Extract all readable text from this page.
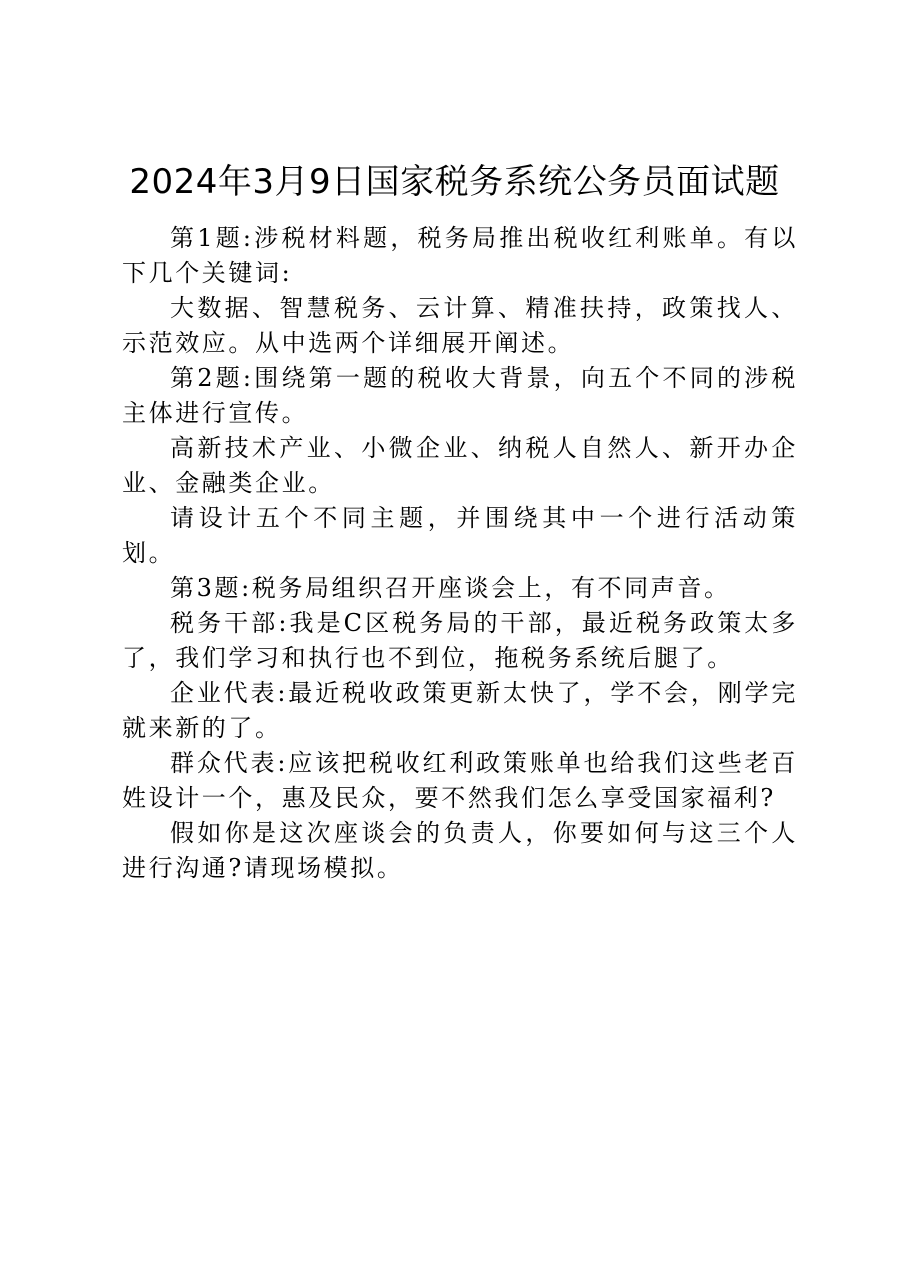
2024年3月9日国家税务系统公务员面试题

第1题:涉税材料题，税务局推出税收红利账单。有以下几个关键词:

大数据、智慧税务、云计算、精准扶持，政策找人、示范效应。从中选两个详细展开阐述。

第2题:围绕第一题的税收大背景，向五个不同的涉税主体进行宣传。

高新技术产业、小微企业、纳税人自然人、新开办企业、金融类企业。

请设计五个不同主题，并围绕其中一个进行活动策划。

第3题:税务局组织召开座谈会上，有不同声音。

税务干部:我是C区税务局的干部，最近税务政策太多了，我们学习和执行也不到位，拖税务系统后腿了。

企业代表:最近税收政策更新太快了，学不会，刚学完就来新的了。

群众代表:应该把税收红利政策账单也给我们这些老百姓设计一个，惠及民众，要不然我们怎么享受国家福利?

假如你是这次座谈会的负责人，你要如何与这三个人进行沟通?请现场模拟。
